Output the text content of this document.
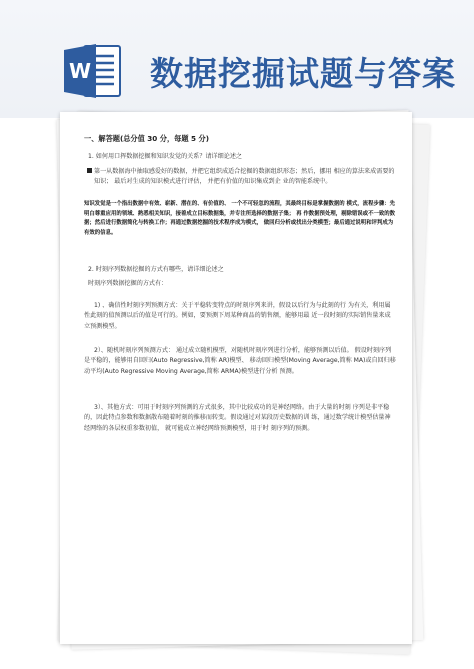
W 数据挖掘试题与答案
一、解答题(总分值 30 分，每题 5 分)

1. 如何用口挥数据挖掘和知识发觉的关系？请详细论述之

第一从数据海中抽取感爱好的数据，并把它组织成适合挖掘的数据组织形态；然后，挪用 相应的算法来成需要的知识； 最后对生成的知识模式进行评估， 并把有价值的知识集成到企 业的智能系统中。

知识发觉是一个指出数据中有效、崭新、潜在的、有价值的、 一个不可轻忽的流程，其最终目标是掌握数据的 模式，流程步骤：先明白尊重应用的领域、熟悉相关知识，接着成立目标数据集，并专注所选择的数据子集； 再 作数据预处理，剔除错误或不一致的数据；然后进行数据简化与转换工作；再通过数据挖掘的技术程序成为模式， 做回归分析或找出分类模型；最后通过说明和评判成为有效的信息。

2. 时刻序列数据挖掘的方式有哪些，请详细论述之

时刻序列数据挖掘的方式有：

1) 、确信性时刻序列预测方式：关于平稳转变特点的时刻序列来讲，假设以后行为与此刻的行 为有关，利用属性此刻的值预测以后的值是可行的。例如，要预测下周某种商品的销售额，能够用最 近一段时刻的实际销售量来成立预测模型。

2）、随机时刻序列预测方式： 通过成立随机模型，对随机时刻序列进行分析，能够预测以后值。 假设时刻序列是平稳的，能够用自回归(Auto Regressive,简称 AR)模型、 移动回归模型(Moving Average,简称 MA)或自回归移动平均(Auto Regressive Moving Average,简称 ARMA)模型进行分析 预测。

3）、其他方式：可用于时刻序列预测的方式很多，其中比较成功的是神经网络。由于大量的时刻 序列是非平稳的，因此特点参数和数据散布随着时刻的推移而转变。假设通过对某段历史数据的训 练，通过数学统计模型估量神经网络的各层权重参数初值， 就可能成立神经网络预测模型，用于时 刻序列的预测。
